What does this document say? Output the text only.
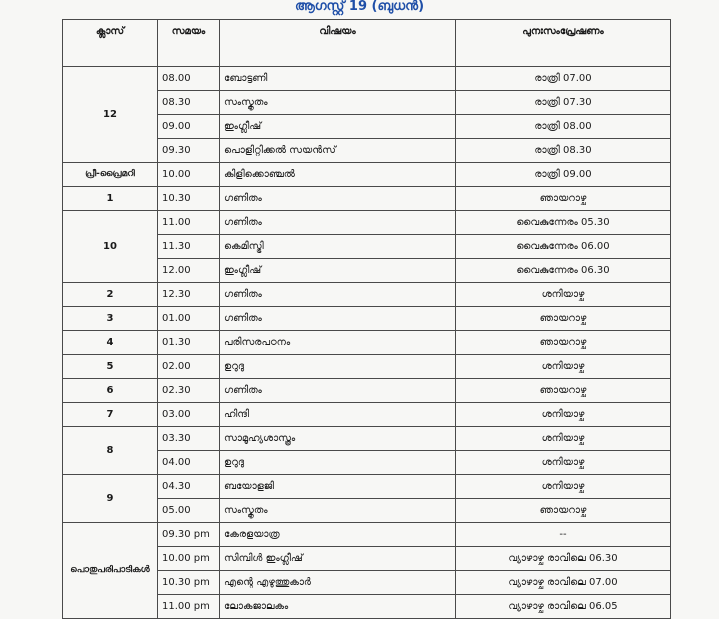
ആഗസ്റ്റ് 19 (ബുധൻ)
ക്ലാസ്	സമയം	വിഷയം	പുനഃസംപ്രേഷണം
12	08.00	ബോട്ടണി	രാത്രി 07.00
	08.30	സംസ്കൃതം	രാത്രി 07.30
	09.00	ഇംഗ്ലീഷ്	രാത്രി 08.00
	09.30	പൊളിറ്റിക്കൽ സയൻസ്	രാത്രി 08.30
പ്രീ-പ്രൈമറി	10.00	കിളിക്കൊഞ്ചൽ	രാത്രി 09.00
1	10.30	ഗണിതം	ഞായറാഴ്ച
10	11.00	ഗണിതം	വൈകുന്നേരം 05.30
	11.30	കെമിസ്ട്രി	വൈകുന്നേരം 06.00
	12.00	ഇംഗ്ലീഷ്	വൈകുന്നേരം 06.30
2	12.30	ഗണിതം	ശനിയാഴ്ച
3	01.00	ഗണിതം	ഞായറാഴ്ച
4	01.30	പരിസരപഠനം	ഞായറാഴ്ച
5	02.00	ഉറുദു	ശനിയാഴ്ച
6	02.30	ഗണിതം	ഞായറാഴ്ച
7	03.00	ഹിന്ദി	ശനിയാഴ്ച
8	03.30	സാമൂഹ്യശാസ്ത്രം	ശനിയാഴ്ച
	04.00	ഉറുദു	ശനിയാഴ്ച
9	04.30	ബയോളജി	ശനിയാഴ്ച
	05.00	സംസ്കൃതം	ഞായറാഴ്ച
പൊതുപരിപാടികൾ	09.30 pm	കേരളയാത്ര	--
	10.00 pm	സിമ്പിൾ ഇംഗ്ലീഷ്	വ്യാഴാഴ്ച രാവിലെ 06.30
	10.30 pm	എന്റെ എഴുത്തുകാർ	വ്യാഴാഴ്ച രാവിലെ 07.00
	11.00 pm	ലോകജാലകം	വ്യാഴാഴ്ച രാവിലെ 06.05
